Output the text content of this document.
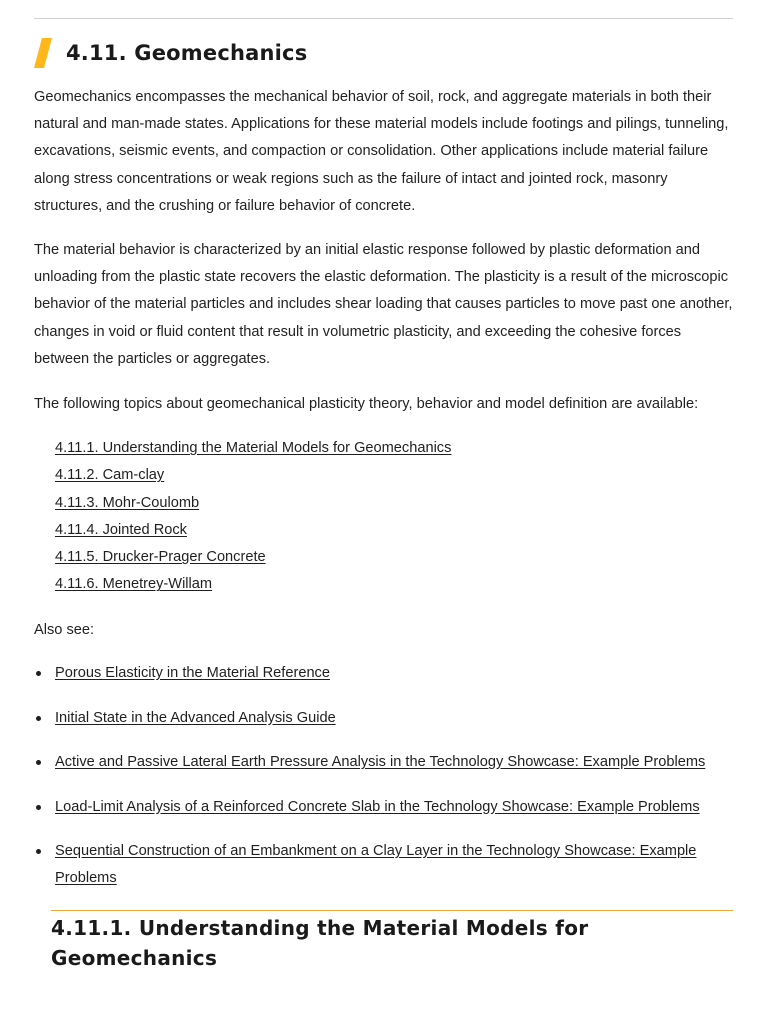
4.11. Geomechanics

Geomechanics encompasses the mechanical behavior of soil, rock, and aggregate materials in both their natural and man-made states. Applications for these material models include footings and pilings, tunneling, excavations, seismic events, and compaction or consolidation. Other applications include material failure along stress concentrations or weak regions such as the failure of intact and jointed rock, masonry structures, and the crushing or failure behavior of concrete.

The material behavior is characterized by an initial elastic response followed by plastic deformation and unloading from the plastic state recovers the elastic deformation. The plasticity is a result of the microscopic behavior of the material particles and includes shear loading that causes particles to move past one another, changes in void or fluid content that result in volumetric plasticity, and exceeding the cohesive forces between the particles or aggregates.

The following topics about geomechanical plasticity theory, behavior and model definition are available:

4.11.1. Understanding the Material Models for Geomechanics
4.11.2. Cam-clay
4.11.3. Mohr-Coulomb
4.11.4. Jointed Rock
4.11.5. Drucker-Prager Concrete
4.11.6. Menetrey-Willam

Also see:

Porous Elasticity in the Material Reference
Initial State in the Advanced Analysis Guide
Active and Passive Lateral Earth Pressure Analysis in the Technology Showcase: Example Problems
Load-Limit Analysis of a Reinforced Concrete Slab in the Technology Showcase: Example Problems
Sequential Construction of an Embankment on a Clay Layer in the Technology Showcase: Example Problems
4.11.1. Understanding the Material Models for Geomechanics
